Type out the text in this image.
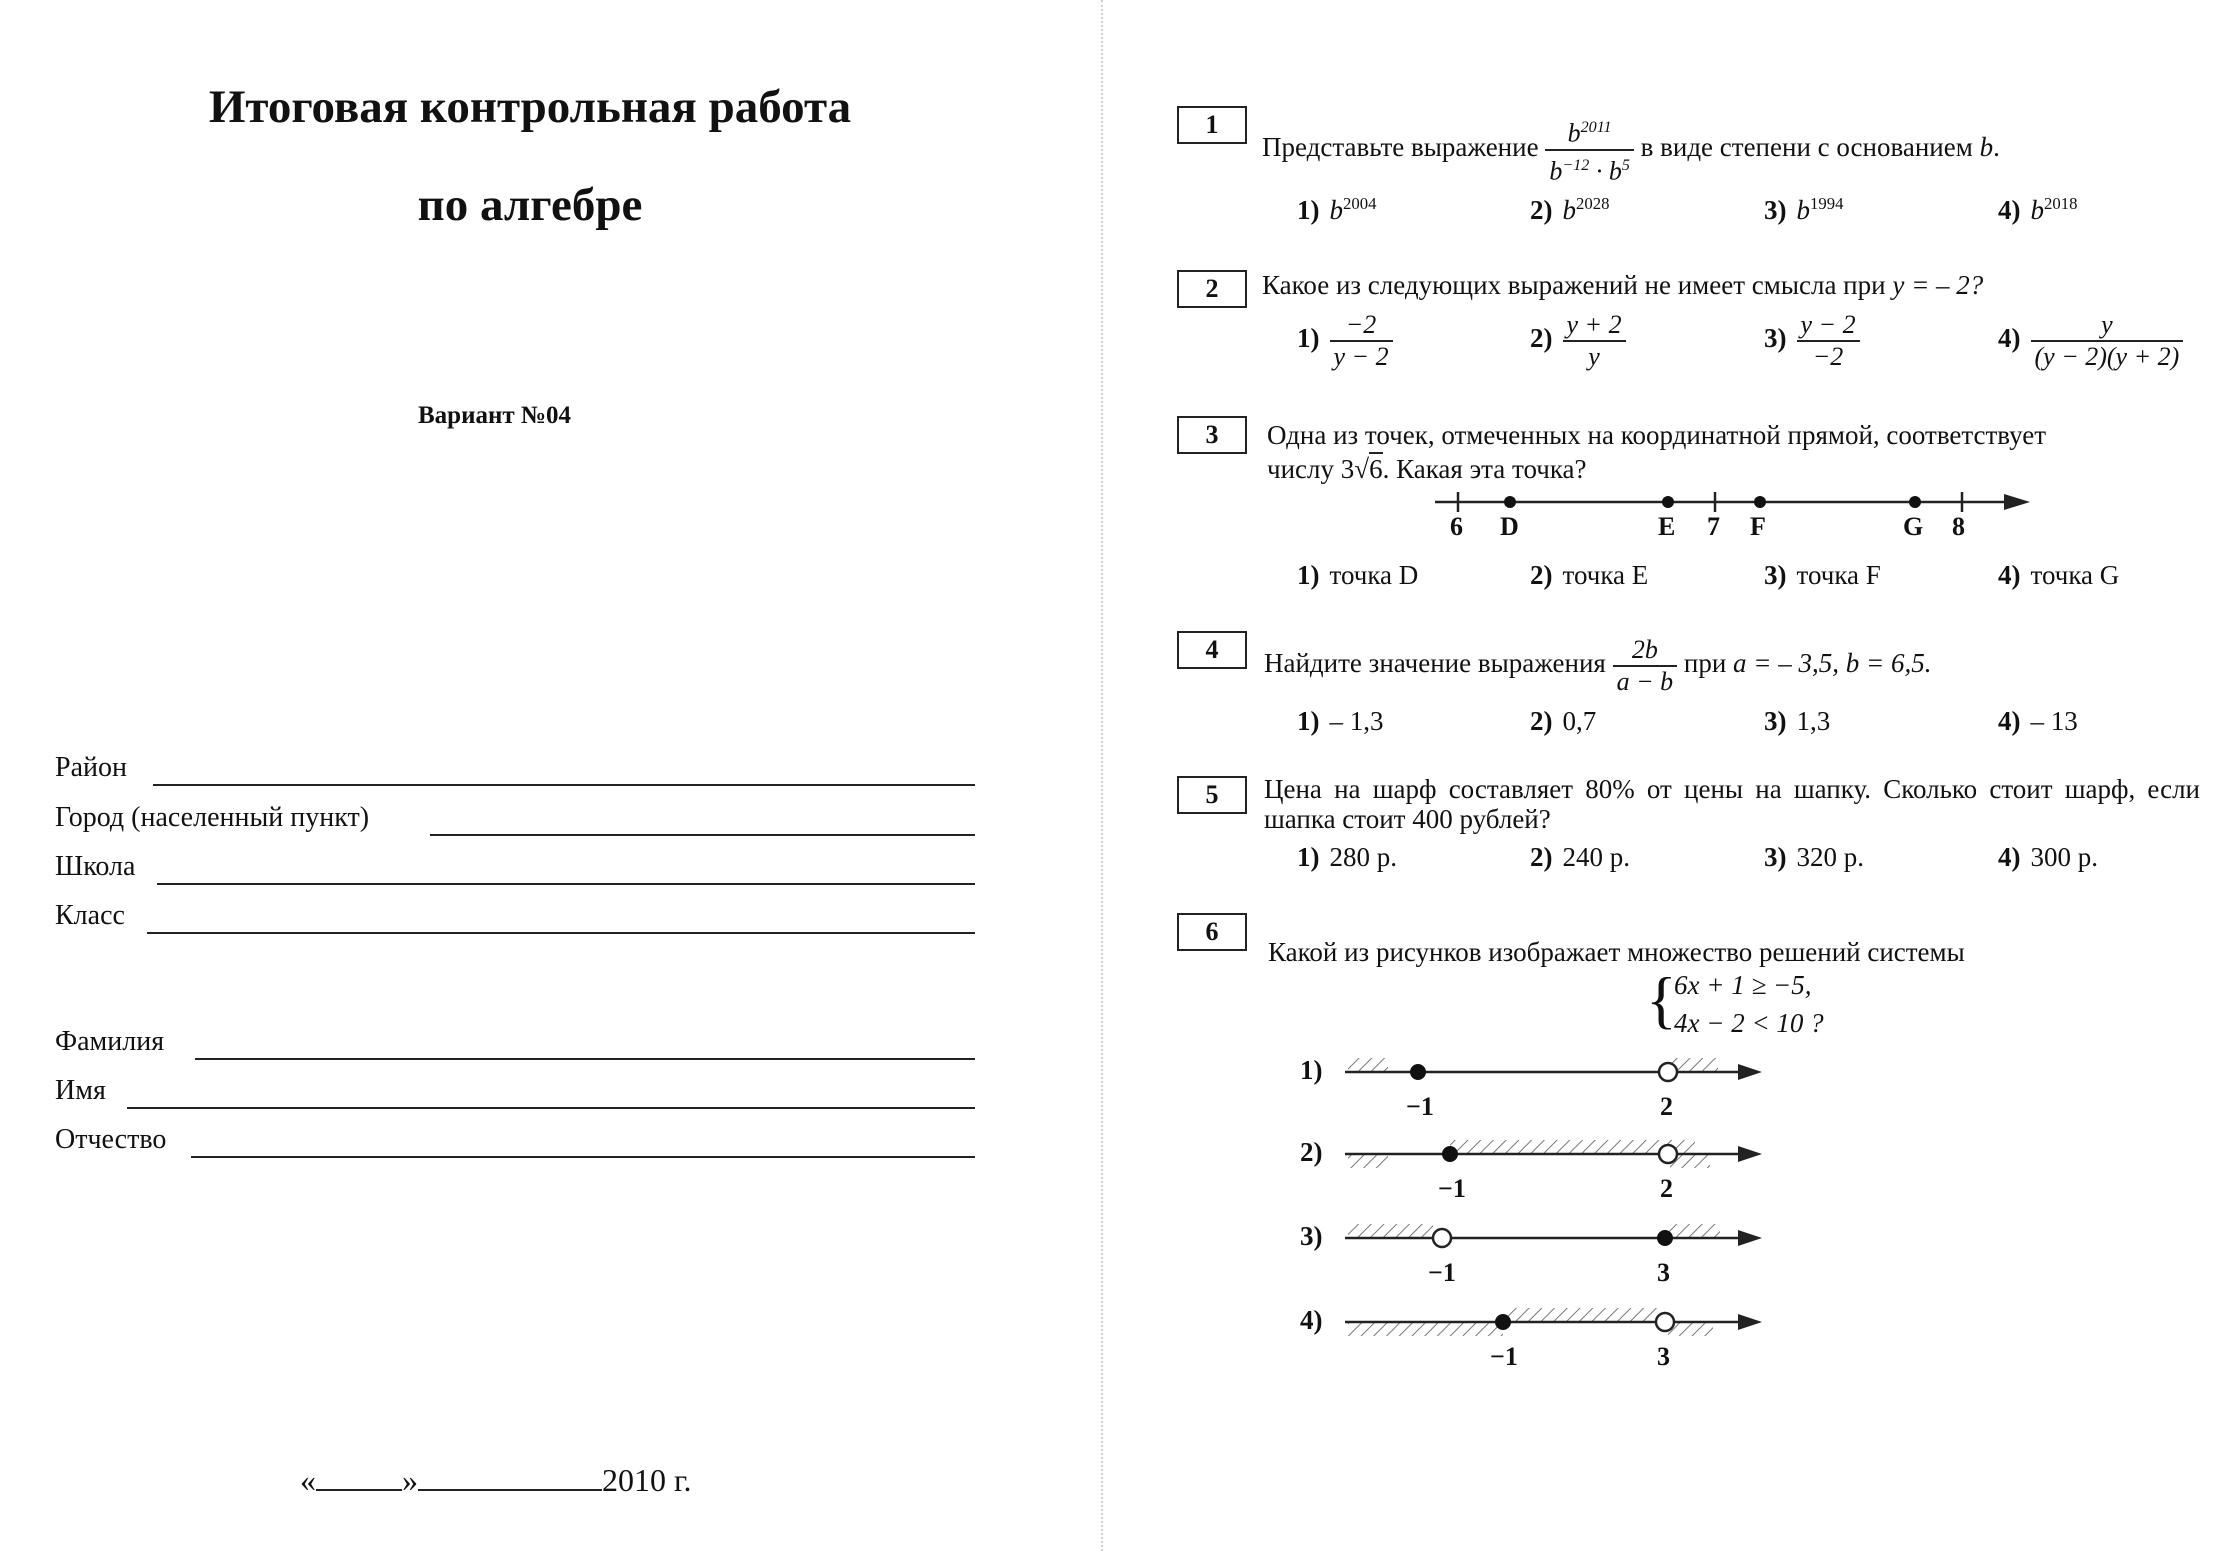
Итоговая контрольная работа
по алгебре
Вариант №04
Район
Город (населенный пункт)
Школа
Класс
Фамилия
Имя
Отчество
«	»	2010 г.
1
Представьте выражение $\frac{b^{2011}}{b^{-12} \cdot b^5}$ в виде степени с основанием b.
1) $b^{2004}$	2) $b^{2028}$	3) $b^{1994}$	4) $b^{2018}$
2	Какое из следующих выражений не имеет смысла при y = – 2?
$1) \frac{-2}{y - 2}$	$2) \frac{y + 2}{y}$	$3) \frac{y - 2}{-2}$	$4) \frac{y}{(y - 2)(y + 2)}$
3	Одна из точек, отмеченных на координатной прямой, соответствует
числу 3√6. Какая эта точка?
6 D	E 7 F	G 8
1) точка D	2) точка E	3) точка F	4) точка G
4	Найдите значение выражения $\frac{2b}{a - b}$ при a = – 3,5, b = 6,5.
1) – 1,3	2) 0,7	3) 1,3	4) – 13
5	Цена на шарф составляет 80% от цены на шапку. Сколько стоит шарф, если шапка стоит 400 рублей?
1) 280 р.	2) 240 р.	3) 320 р.	4) 300 р.
6
Какой из рисунков изображает множество решений системы
{
6x + 1 ≥ −5,
4x − 2 < 10 ?
1)
−1	2
2)
−1	2
3)
−1	3
4)
−1	3
